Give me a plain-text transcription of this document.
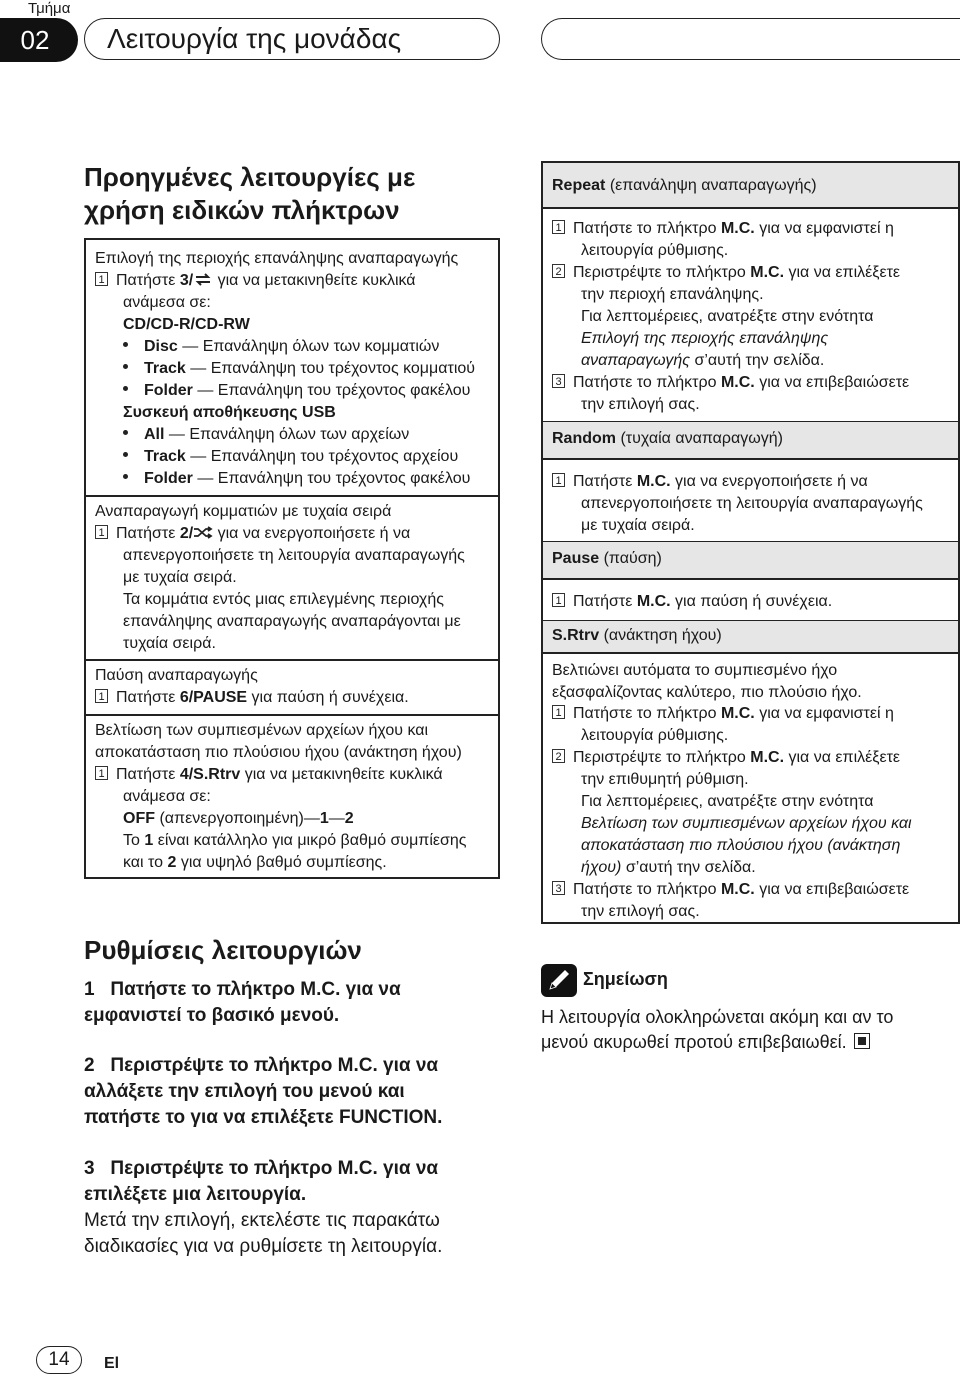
Τμήμα
02	Λειτουργία της μονάδας
Προηγμένες λειτουργίες με
χρήση ειδικών πλήκτρων
Επιλογή της περιοχής επανάληψης αναπαραγωγής
1 Πατήστε 3/ για να μετακινηθείτε κυκλικά
ανάμεσα σε:
CD/CD-R/CD-RW
Disc — Επανάληψη όλων των κομματιών
Track — Επανάληψη του τρέχοντος κομματιού
Folder — Επανάληψη του τρέχοντος φακέλου
Συσκευή αποθήκευσης USB
All — Επανάληψη όλων των αρχείων
Track — Επανάληψη του τρέχοντος αρχείου
Folder — Επανάληψη του τρέχοντος φακέλου
Αναπαραγωγή κομματιών με τυχαία σειρά
1 Πατήστε 2/ για να ενεργοποιήσετε ή να
απενεργοποιήσετε τη λειτουργία αναπαραγωγής
με τυχαία σειρά.
Τα κομμάτια εντός μιας επιλεγμένης περιοχής
επανάληψης αναπαραγωγής αναπαράγονται με
τυχαία σειρά.
Παύση αναπαραγωγής
1 Πατήστε 6/PAUSE για παύση ή συνέχεια.
Βελτίωση των συμπιεσμένων αρχείων ήχου και
αποκατάσταση πιο πλούσιου ήχου (ανάκτηση ήχου)
1 Πατήστε 4/S.Rtrv για να μετακινηθείτε κυκλικά
ανάμεσα σε:
OFF (απενεργοποιημένη)—1—2
Το 1 είναι κατάλληλο για μικρό βαθμό συμπίεσης
και το 2 για υψηλό βαθμό συμπίεσης.
Ρυθμίσεις λειτουργιών
1 Πατήστε το πλήκτρο M.C. για να
εμφανιστεί το βασικό μενού.
2 Περιστρέψτε το πλήκτρο M.C. για να
αλλάξετε την επιλογή του μενού και
πατήστε το για να επιλέξετε FUNCTION.
3 Περιστρέψτε το πλήκτρο M.C. για να
επιλέξετε μια λειτουργία.
Μετά την επιλογή, εκτελέστε τις παρακάτω
διαδικασίες για να ρυθμίσετε τη λειτουργία.
Repeat (επανάληψη αναπαραγωγής)
1 Πατήστε το πλήκτρο M.C. για να εμφανιστεί η
λειτουργία ρύθμισης.
2 Περιστρέψτε το πλήκτρο M.C. για να επιλέξετε
την περιοχή επανάληψης.
Για λεπτομέρειες, ανατρέξτε στην ενότητα
Επιλογή της περιοχής επανάληψης
αναπαραγωγής σ’αυτή την σελίδα.
3 Πατήστε το πλήκτρο M.C. για να επιβεβαιώσετε
την επιλογή σας.
Random (τυχαία αναπαραγωγή)
1 Πατήστε M.C. για να ενεργοποιήσετε ή να
απενεργοποιήσετε τη λειτουργία αναπαραγωγής
με τυχαία σειρά.
Pause (παύση)
1 Πατήστε M.C. για παύση ή συνέχεια.
S.Rtrv (ανάκτηση ήχου)
Βελτιώνει αυτόματα το συμπιεσμένο ήχο
εξασφαλίζοντας καλύτερο, πιο πλούσιο ήχο.
1 Πατήστε το πλήκτρο M.C. για να εμφανιστεί η
λειτουργία ρύθμισης.
2 Περιστρέψτε το πλήκτρο M.C. για να επιλέξετε
την επιθυμητή ρύθμιση.
Για λεπτομέρειες, ανατρέξτε στην ενότητα
Βελτίωση των συμπιεσμένων αρχείων ήχου και
αποκατάσταση πιο πλούσιου ήχου (ανάκτηση
ήχου) σ’αυτή την σελίδα.
3 Πατήστε το πλήκτρο M.C. για να επιβεβαιώσετε
την επιλογή σας.
Σημείωση
Η λειτουργία ολοκληρώνεται ακόμη και αν το
μενού ακυρωθεί προτού επιβεβαιωθεί.
14	El
